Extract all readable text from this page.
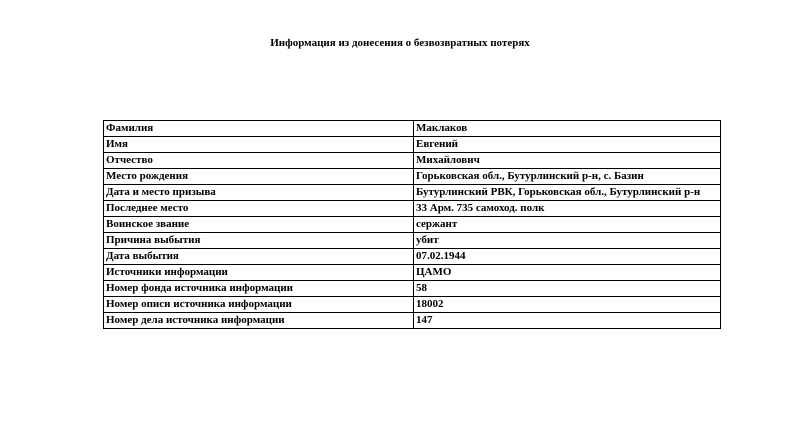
Информация из донесения о безвозвратных потерях
Фамилия	Маклаков
Имя	Евгений
Отчество	Михайлович
Место рождения	Горьковская обл., Бутурлинский р-н, с. Базин
Дата и место призыва	Бутурлинский РВК, Горьковская обл., Бутурлинский р-н
Последнее место	33 Арм. 735 самоход. полк
Воинское звание	сержант
Причина выбытия	убит
Дата выбытия	07.02.1944
Источники информации	ЦАМО
Номер фонда источника информации	58
Номер описи источника информации	18002
Номер дела источника информации	147
